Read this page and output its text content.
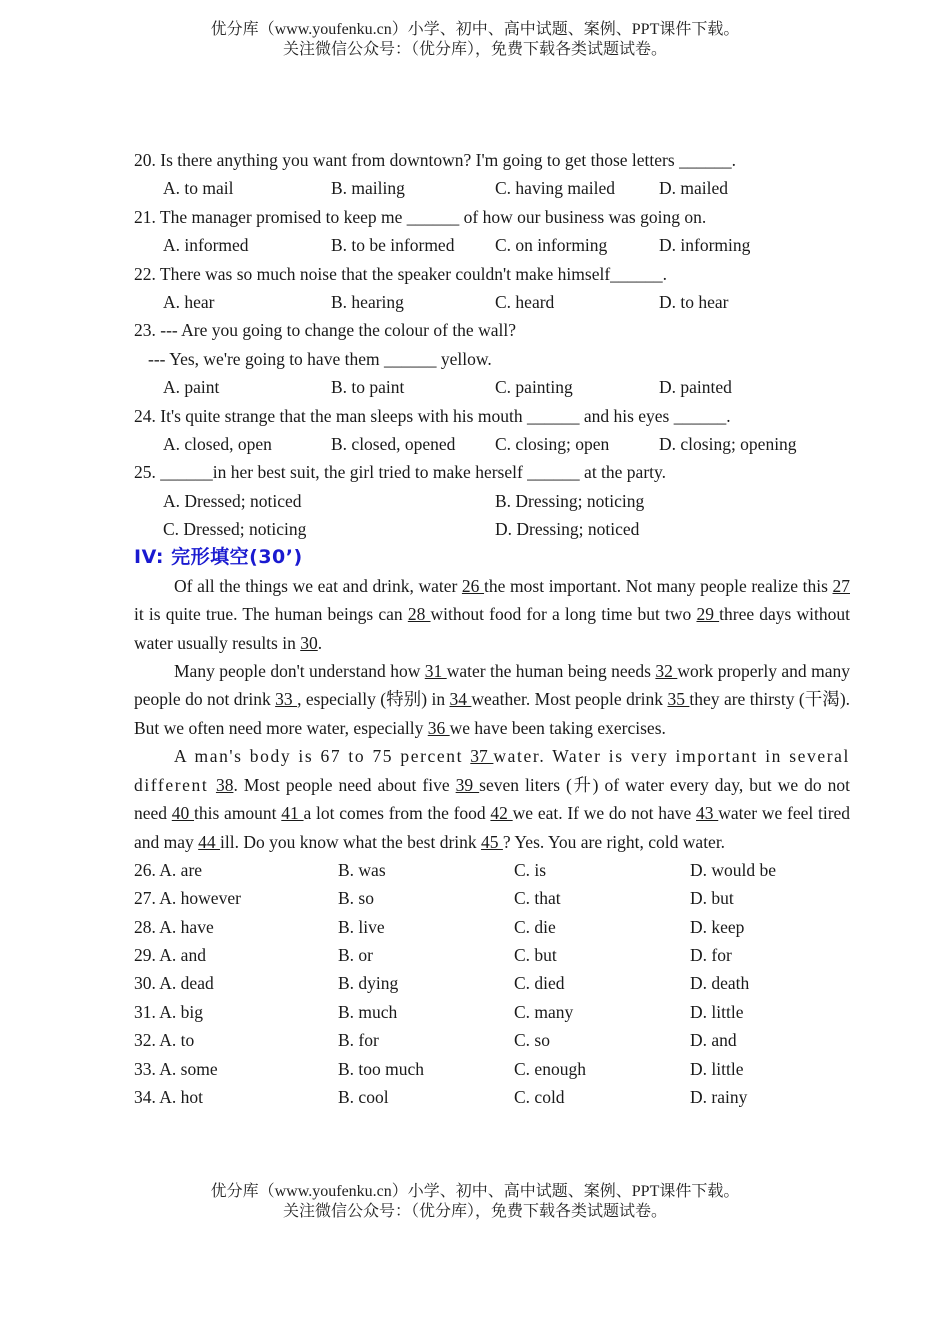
优分库（www.youfenku.cn）小学、初中、高中试题、案例、PPT课件下载。
关注微信公众号：（优分库），免费下载各类试题试卷。
20. Is there anything you want from downtown? I'm going to get those letters ______.
A. to mail	B. mailing	C. having mailed	D. mailed
21. The manager promised to keep me ______ of how our business was going on.
A. informed	B. to be informed C. on informing	D. informing
22. There was so much noise that the speaker couldn't make himself______.
A. hear	B. hearing	C. heard	D. to hear
23. --- Are you going to change the colour of the wall?
--- Yes, we're going to have them ______ yellow.
A. paint	B. to paint	C. painting	D. painted
24. It's quite strange that the man sleeps with his mouth ______ and his eyes ______.
A. closed, open	B. closed, opened C. closing; open	D. closing; opening
25. ______in her best suit, the girl tried to make herself ______ at the party.
A. Dressed; noticed	B. Dressing; noticing
C. Dressed; noticing	D. Dressing; noticed
IV: 完形填空(30’)
Of all the things we eat and drink, water 26 the most important. Not many people realize this 27 it is quite true. The human beings can 28 without food for a long time but two 29 three days without water usually results in 30.
Many people don't understand how 31 water the human being needs 32 work properly and many people do not drink 33 , especially (特别) in 34 weather. Most people drink 35 they are thirsty (干渴). But we often need more water, especially 36 we have been taking exercises.
A man's body is 67 to 75 percent 37 water. Water is very important in several different 38. Most people need about five 39 seven liters (升) of water every day, but we do not need 40 this amount 41 a lot comes from the food 42 we eat. If we do not have 43 water we feel tired and may 44 ill. Do you know what the best drink 45 ? Yes. You are right, cold water.
26. A. are	B. was	C. is	D. would be
27. A. however	B. so	C. that	D. but
28. A. have	B. live	C. die	D. keep
29. A. and	B. or	C. but	D. for
30. A. dead	B. dying	C. died	D. death
31. A. big	B. much	C. many	D. little
32. A. to	B. for	C. so	D. and
33. A. some	B. too much	C. enough	D. little
34. A. hot	B. cool	C. cold	D. rainy
优分库（www.youfenku.cn）小学、初中、高中试题、案例、PPT课件下载。
关注微信公众号：（优分库），免费下载各类试题试卷。
